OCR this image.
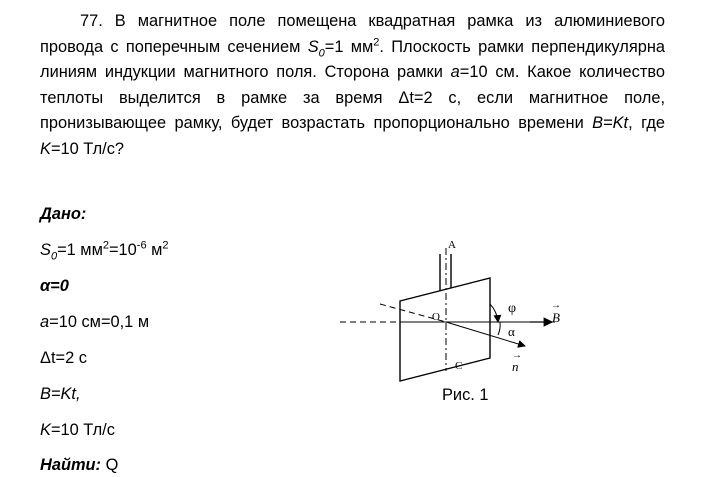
77. В магнитное поле помещена квадратная рамка из алюминиевого провода с поперечным сечением $S_0=1$ $мм^2$. Плоскость рамки перпендикулярна линиям индукции магнитного поля. Сторона рамки a=10 см. Какое количество теплоты выделится в рамке за время Δt=2 с, если магнитное поле, пронизывающее рамку, будет возрастать пропорционально времени B=Kt, где K=10 Тл/с?

Дано:
$S_0=1$ $мм^2=10^{-6}$ $м^2$
α=0
a=10 см=0,1 м
Δt=2 с
B=Kt,
K=10 Тл/с
Найти: Q
A
O
C
φ
α
→
B
→
n
Рис. 1
